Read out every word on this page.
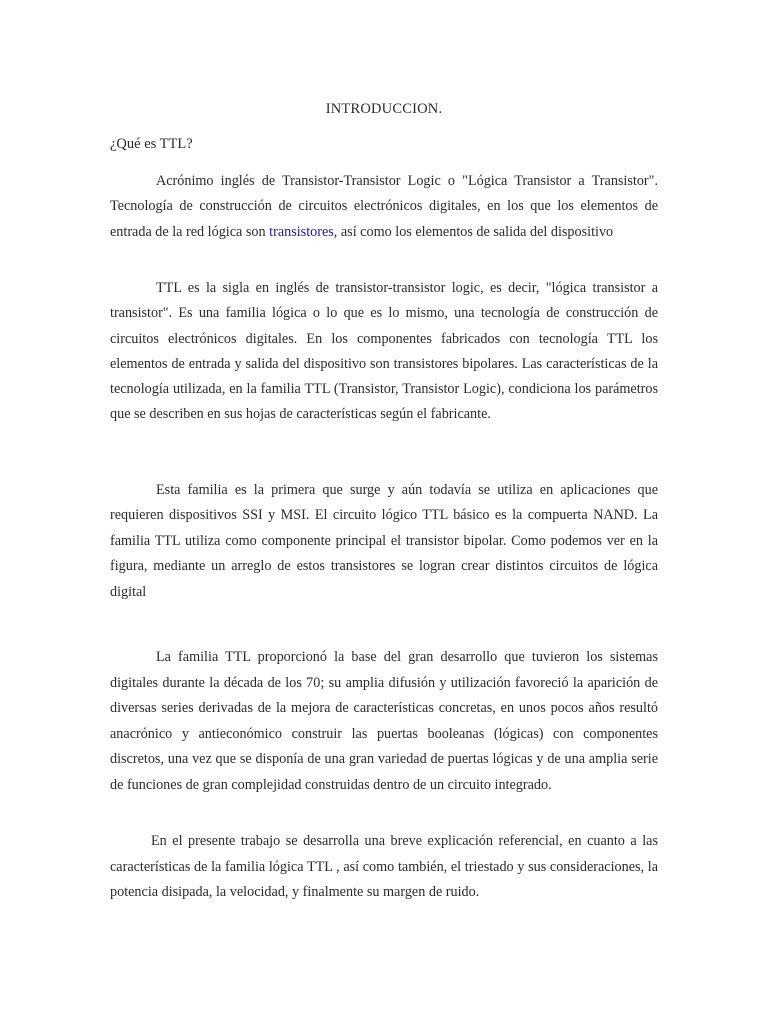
INTRODUCCION.
¿Qué es TTL?

Acrónimo inglés de Transistor-Transistor Logic o "Lógica Transistor a Transistor". Tecnología de construcción de circuitos electrónicos digitales, en los que los elementos de entrada de la red lógica son transistores, así como los elementos de salida del dispositivo

TTL es la sigla en inglés de transistor-transistor logic, es decir, "lógica transistor a transistor". Es una familia lógica o lo que es lo mismo, una tecnología de construcción de circuitos electrónicos digitales. En los componentes fabricados con tecnología TTL los elementos de entrada y salida del dispositivo son transistores bipolares. Las características de la tecnología utilizada, en la familia TTL (Transistor, Transistor Logic), condiciona los parámetros que se describen en sus hojas de características según el fabricante.

Esta familia es la primera que surge y aún todavía se utiliza en aplicaciones que requieren dispositivos SSI y MSI. El circuito lógico TTL básico es la compuerta NAND. La familia TTL utiliza como componente principal el transistor bipolar. Como podemos ver en la figura, mediante un arreglo de estos transistores se logran crear distintos circuitos de lógica digital

La familia TTL proporcionó la base del gran desarrollo que tuvieron los sistemas digitales durante la década de los 70; su amplia difusión y utilización favoreció la aparición de diversas series derivadas de la mejora de características concretas, en unos pocos años resultó anacrónico y antieconómico construir las puertas booleanas (lógicas) con componentes discretos, una vez que se disponía de una gran variedad de puertas lógicas y de una amplia serie de funciones de gran complejidad construidas dentro de un circuito integrado.

En el presente trabajo se desarrolla una breve explicación referencial, en cuanto a las características de la familia lógica TTL , así como también, el triestado y sus consideraciones, la potencia disipada, la velocidad, y finalmente su margen de ruido.
